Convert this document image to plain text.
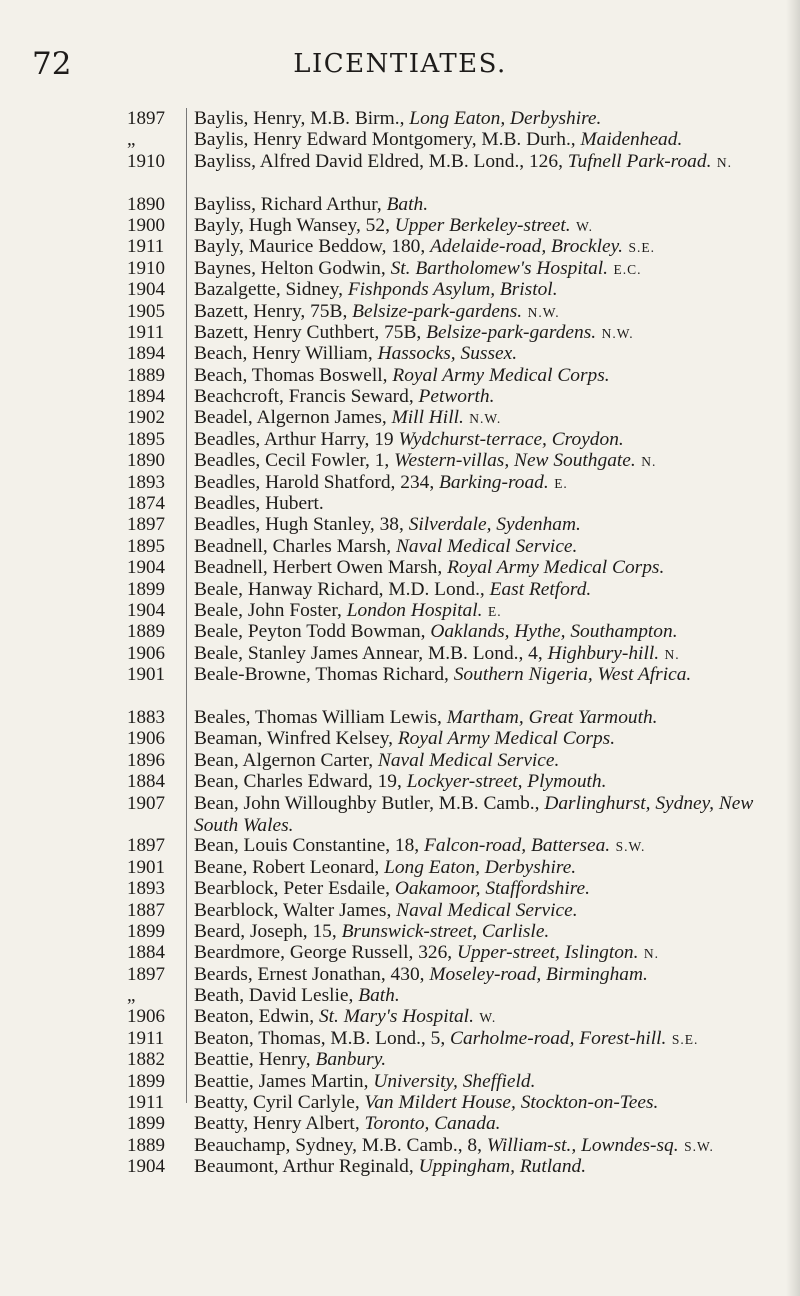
72	LICENTIATES.
1897	Baylis, Henry, M.B. Birm., Long Eaton, Derbyshire.
„	Baylis, Henry Edward Montgomery, M.B. Durh., Maidenhead.
1910	Bayliss, Alfred David Eldred, M.B. Lond., 126, Tufnell Park-road. N.
1890	Bayliss, Richard Arthur, Bath.
1900	Bayly, Hugh Wansey, 52, Upper Berkeley-street. W.
1911	Bayly, Maurice Beddow, 180, Adelaide-road, Brockley. S.E.
1910	Baynes, Helton Godwin, St. Bartholomew's Hospital. E.C.
1904	Bazalgette, Sidney, Fishponds Asylum, Bristol.
1905	Bazett, Henry, 75B, Belsize-park-gardens. N.W.
1911	Bazett, Henry Cuthbert, 75B, Belsize-park-gardens. N.W.
1894	Beach, Henry William, Hassocks, Sussex.
1889	Beach, Thomas Boswell, Royal Army Medical Corps.
1894	Beachcroft, Francis Seward, Petworth.
1902	Beadel, Algernon James, Mill Hill. N.W.
1895	Beadles, Arthur Harry, 19 Wydchurst-terrace, Croydon.
1890	Beadles, Cecil Fowler, 1, Western-villas, New Southgate. N.
1893	Beadles, Harold Shatford, 234, Barking-road. E.
1874	Beadles, Hubert.
1897	Beadles, Hugh Stanley, 38, Silverdale, Sydenham.
1895	Beadnell, Charles Marsh, Naval Medical Service.
1904	Beadnell, Herbert Owen Marsh, Royal Army Medical Corps.
1899	Beale, Hanway Richard, M.D. Lond., East Retford.
1904	Beale, John Foster, London Hospital. E.
1889	Beale, Peyton Todd Bowman, Oaklands, Hythe, Southampton.
1906	Beale, Stanley James Annear, M.B. Lond., 4, Highbury-hill. N.
1901	Beale-Browne, Thomas Richard, Southern Nigeria, West Africa.
1883	Beales, Thomas William Lewis, Martham, Great Yarmouth.
1906	Beaman, Winfred Kelsey, Royal Army Medical Corps.
1896	Bean, Algernon Carter, Naval Medical Service.
1884	Bean, Charles Edward, 19, Lockyer-street, Plymouth.
1907	Bean, John Willoughby Butler, M.B. Camb., Darlinghurst, Sydney, New South Wales.
1897	Bean, Louis Constantine, 18, Falcon-road, Battersea. S.W.
1901	Beane, Robert Leonard, Long Eaton, Derbyshire.
1893	Bearblock, Peter Esdaile, Oakamoor, Staffordshire.
1887	Bearblock, Walter James, Naval Medical Service.
1899	Beard, Joseph, 15, Brunswick-street, Carlisle.
1884	Beardmore, George Russell, 326, Upper-street, Islington. N.
1897	Beards, Ernest Jonathan, 430, Moseley-road, Birmingham.
„	Beath, David Leslie, Bath.
1906	Beaton, Edwin, St. Mary's Hospital. W.
1911	Beaton, Thomas, M.B. Lond., 5, Carholme-road, Forest-hill. S.E.
1882	Beattie, Henry, Banbury.
1899	Beattie, James Martin, University, Sheffield.
1911	Beatty, Cyril Carlyle, Van Mildert House, Stockton-on-Tees.
1899	Beatty, Henry Albert, Toronto, Canada.
1889	Beauchamp, Sydney, M.B. Camb., 8, William-st., Lowndes-sq. S.W.
1904	Beaumont, Arthur Reginald, Uppingham, Rutland.
